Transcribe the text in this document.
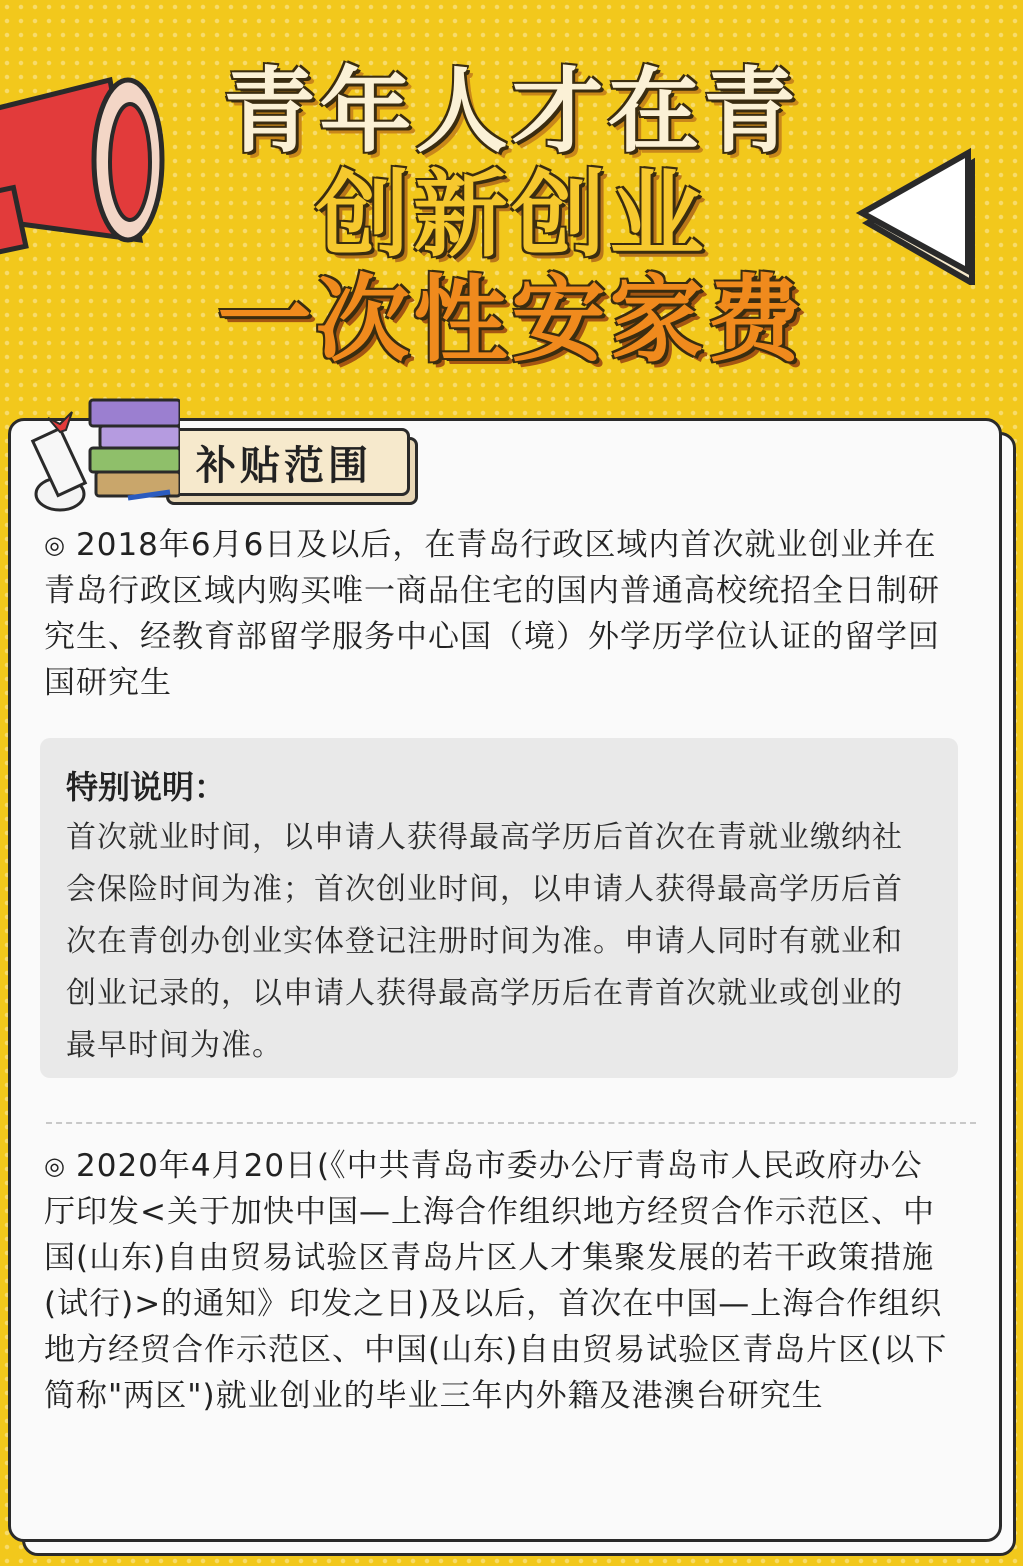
青年人才在青
创新创业
一次性安家费
补贴范围
◎ 2018年6月6日及以后，在青岛行政区域内首次就业创业并在青岛行政区域内购买唯一商品住宅的国内普通高校统招全日制研究生、经教育部留学服务中心国（境）外学历学位认证的留学回国研究生
特别说明：
首次就业时间，以申请人获得最高学历后首次在青就业缴纳社会保险时间为准；首次创业时间，以申请人获得最高学历后首次在青创办创业实体登记注册时间为准。申请人同时有就业和创业记录的，以申请人获得最高学历后在青首次就业或创业的最早时间为准。
◎ 2020年4月20日(《中共青岛市委办公厅青岛市人民政府办公厅印发<关于加快中国—上海合作组织地方经贸合作示范区、中国(山东)自由贸易试验区青岛片区人才集聚发展的若干政策措施(试行)>的通知》印发之日)及以后，首次在中国—上海合作组织地方经贸合作示范区、中国(山东)自由贸易试验区青岛片区(以下简称"两区")就业创业的毕业三年内外籍及港澳台研究生
